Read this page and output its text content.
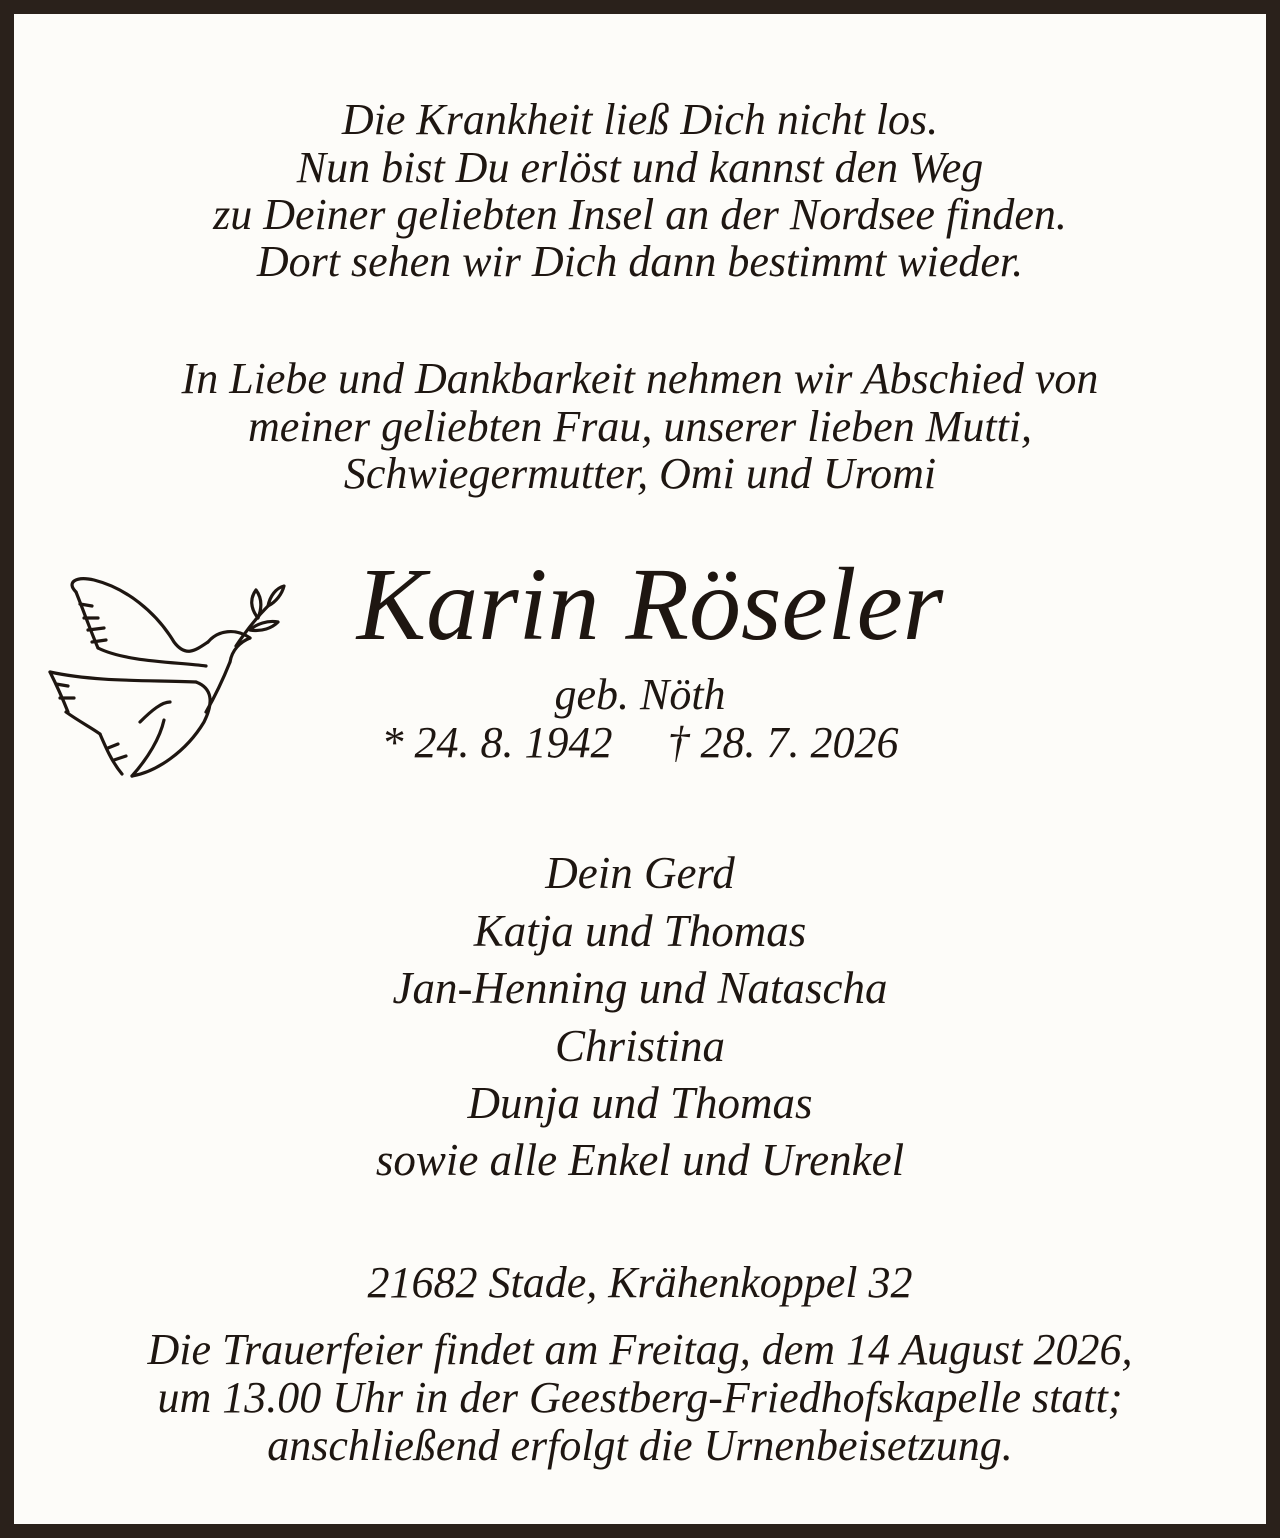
Die Krankheit ließ Dich nicht los.
Nun bist Du erlöst und kannst den Weg
zu Deiner geliebten Insel an der Nordsee finden.
Dort sehen wir Dich dann bestimmt wieder.
In Liebe und Dankbarkeit nehmen wir Abschied von
meiner geliebten Frau, unserer lieben Mutti,
Schwiegermutter, Omi und Uromi
Karin Röseler
geb. Nöth
* 24. 8. 1942     † 28. 7. 2026
Dein Gerd
Katja und Thomas
Jan-Henning und Natascha
Christina
Dunja und Thomas
sowie alle Enkel und Urenkel
21682 Stade, Krähenkoppel 32
Die Trauerfeier findet am Freitag, dem 14 August 2026,
um 13.00 Uhr in der Geestberg-Friedhofskapelle statt;
anschließend erfolgt die Urnenbeisetzung.
